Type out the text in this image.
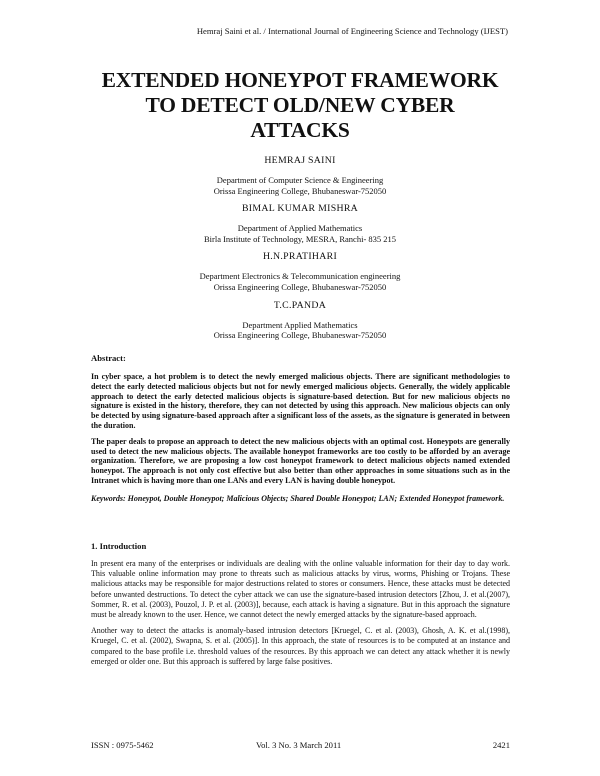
Hemraj Saini et al. / International Journal of Engineering Science and Technology (IJEST)
EXTENDED HONEYPOT FRAMEWORK
TO DETECT OLD/NEW CYBER
ATTACKS
HEMRAJ SAINI
Department of Computer Science & Engineering
Orissa Engineering College, Bhubaneswar-752050
BIMAL KUMAR MISHRA
Department of Applied Mathematics
Birla Institute of Technology, MESRA, Ranchi- 835 215
H.N.PRATIHARI
Department Electronics & Telecommunication engineering
Orissa Engineering College, Bhubaneswar-752050
T.C.PANDA
Department Applied Mathematics
Orissa Engineering College, Bhubaneswar-752050
Abstract:

In cyber space, a hot problem is to detect the newly emerged malicious objects. There are significant methodologies to detect the early detected malicious objects but not for newly emerged malicious objects. Generally, the widely applicable approach to detect the early detected malicious objects is signature-based detection. But for new malicious objects no signature is existed in the history, therefore, they can not detected by using this approach. New malicious objects can only be detected by using signature-based approach after a significant loss of the assets, as the signature is generated in between the duration.

The paper deals to propose an approach to detect the new malicious objects with an optimal cost. Honeypots are generally used to detect the new malicious objects. The available honeypot frameworks are too costly to be afforded by an average organization. Therefore, we are proposing a low cost honeypot framework to detect malicious objects named extended honeypot. The approach is not only cost effective but also better than other approaches in some situations such as in the Intranet which is having more than one LANs and every LAN is having double honeypot.

Keywords: Honeypot, Double Honeypot; Malicious Objects; Shared Double Honeypot; LAN; Extended Honeypot framework.
1. Introduction

In present era many of the enterprises or individuals are dealing with the online valuable information for their day to day work. This valuable online information may prone to threats such as malicious attacks by virus, worms, Phishing or Trojans. These malicious attacks may be responsible for major destructions related to stores or consumers. Hence, these attacks must be detected before unwanted destructions. To detect the cyber attack we can use the signature-based intrusion detectors [Zhou, J. et al.(2007), Sommer, R. et al. (2003), Pouzol, J. P. et al. (2003)], because, each attack is having a signature. But in this approach the signature must be already known to the user. Hence, we cannot detect the newly emerged attacks by the signature-based approach.

Another way to detect the attacks is anomaly-based intrusion detectors [Kruegel, C. et al. (2003), Ghosh, A. K. et al.(1998), Kruegel, C. et al. (2002), Swapna, S. et al. (2005)]. In this approach, the state of resources is to be computed at an instance and compared to the base profile i.e. threshold values of the resources. By this approach we can detect any attack whether it is newly emerged or older one. But this approach is suffered by large false positives.

ISSN : 0975-5462	Vol. 3 No. 3 March 2011	2421
